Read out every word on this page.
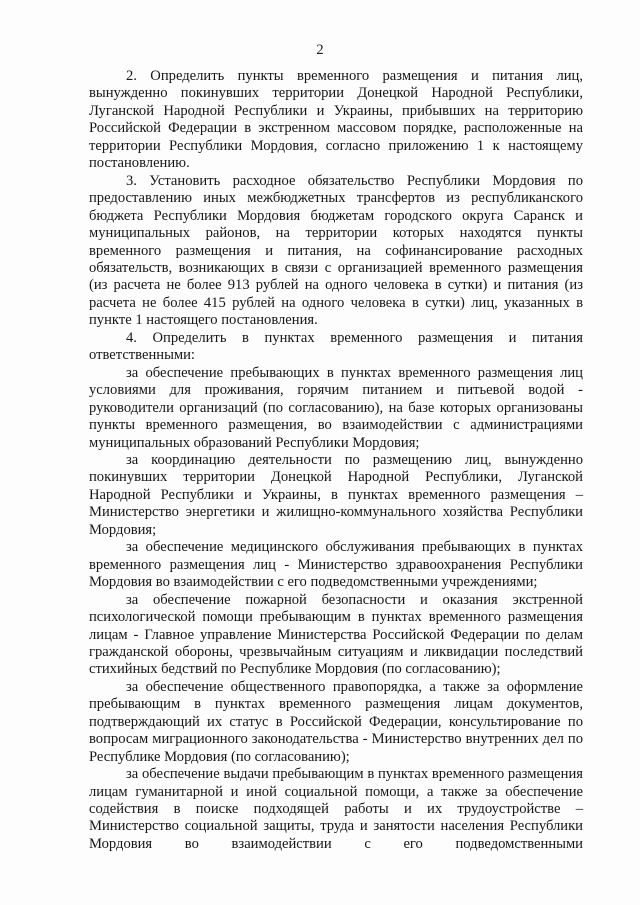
2

2. Определить пункты временного размещения и питания лиц, вынужденно покинувших территории Донецкой Народной Республики, Луганской Народной Республики и Украины, прибывших на территорию Российской Федерации в экстренном массовом порядке, расположенные на территории Республики Мордовия, согласно приложению 1 к настоящему постановлению.

3. Установить расходное обязательство Республики Мордовия по предоставлению иных межбюджетных трансфертов из республиканского бюджета Республики Мордовия бюджетам городского округа Саранск и муниципальных районов, на территории которых находятся пункты временного размещения и питания, на софинансирование расходных обязательств, возникающих в связи с организацией временного размещения (из расчета не более 913 рублей на одного человека в сутки) и питания (из расчета не более 415 рублей на одного человека в сутки) лиц, указанных в пункте 1 настоящего постановления.

4. Определить в пунктах временного размещения и питания ответственными:

за обеспечение пребывающих в пунктах временного размещения лиц условиями для проживания, горячим питанием и питьевой водой - руководители организаций (по согласованию), на базе которых организованы пункты временного размещения, во взаимодействии с администрациями муниципальных образований Республики Мордовия;

за координацию деятельности по размещению лиц, вынужденно покинувших территории Донецкой Народной Республики, Луганской Народной Республики и Украины, в пунктах временного размещения – Министерство энергетики и жилищно-коммунального хозяйства Республики Мордовия;

за обеспечение медицинского обслуживания пребывающих в пунктах временного размещения лиц - Министерство здравоохранения Республики Мордовия во взаимодействии с его подведомственными учреждениями;

за обеспечение пожарной безопасности и оказания экстренной психологической помощи пребывающим в пунктах временного размещения лицам - Главное управление Министерства Российской Федерации по делам гражданской обороны, чрезвычайным ситуациям и ликвидации последствий стихийных бедствий по Республике Мордовия (по согласованию);

за обеспечение общественного правопорядка, а также за оформление пребывающим в пунктах временного размещения лицам документов, подтверждающий их статус в Российской Федерации, консультирование по вопросам миграционного законодательства - Министерство внутренних дел по Республике Мордовия (по согласованию);

за обеспечение выдачи пребывающим в пунктах временного размещения лицам гуманитарной и иной социальной помощи, а также за обеспечение содействия в поиске подходящей работы и их трудоустройстве – Министерство социальной защиты, труда и занятости населения Республики Мордовия во взаимодействии с его подведомственными
